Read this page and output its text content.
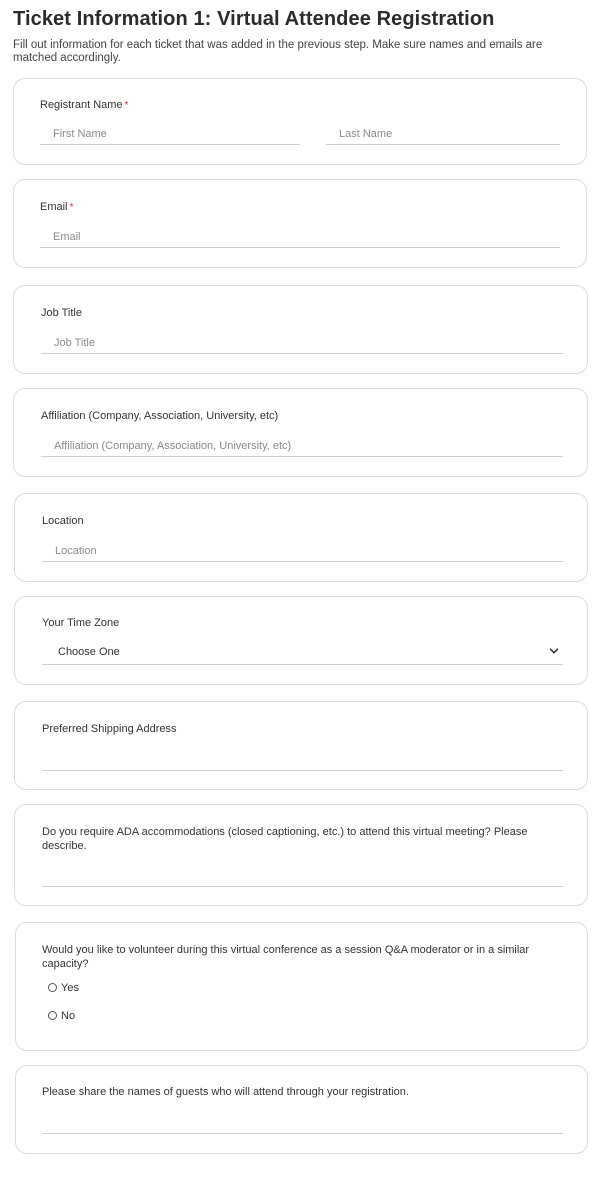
Ticket Information 1: Virtual Attendee Registration

Fill out information for each ticket that was added in the previous step. Make sure names and emails are matched accordingly.

Registrant Name *
First Name
Last Name
Email *
Email
Job Title
Job Title
Affiliation (Company, Association, University, etc)
Affiliation (Company, Association, University, etc)
Location
Location
Your Time Zone
Choose One
Preferred Shipping Address
Do you require ADA accommodations (closed captioning, etc.) to attend this virtual meeting? Please describe.
Would you like to volunteer during this virtual conference as a session Q&A moderator or in a similar capacity?
Yes
No
Please share the names of guests who will attend through your registration.
